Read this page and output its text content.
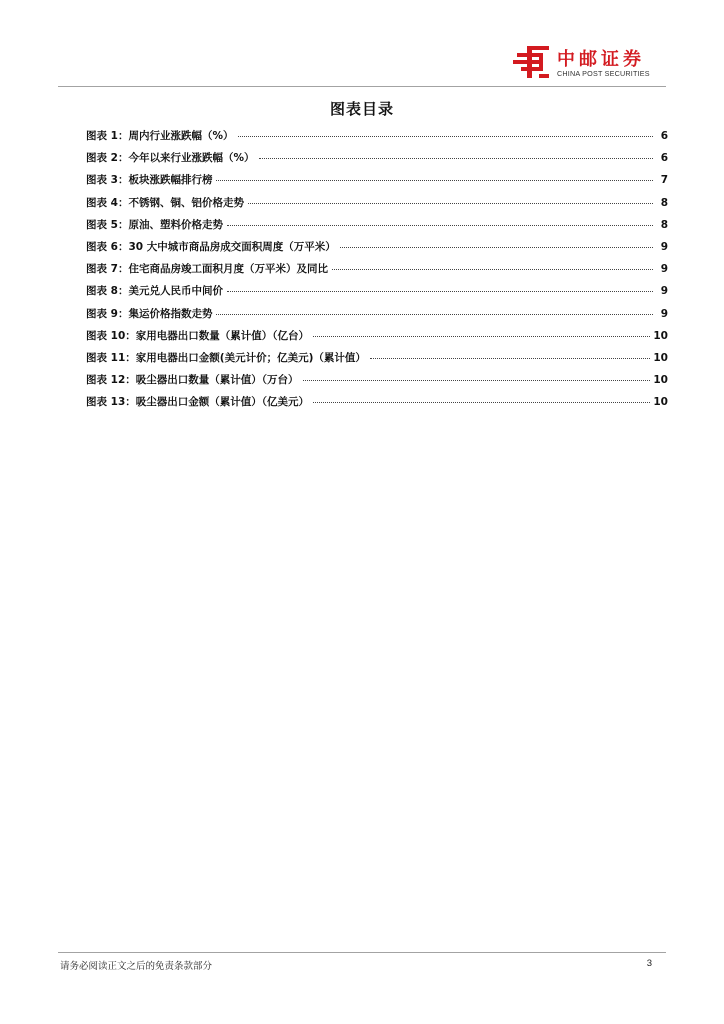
中邮证券
CHINA POST SECURITIES
图表目录
图表 1： 周内行业涨跌幅（%）	6
图表 2： 今年以来行业涨跌幅（%）	6
图表 3： 板块涨跌幅排行榜	7
图表 4： 不锈钢、铜、铝价格走势	8
图表 5： 原油、塑料价格走势	8
图表 6： 30 大中城市商品房成交面积周度（万平米）	9
图表 7： 住宅商品房竣工面积月度（万平米）及同比	9
图表 8： 美元兑人民币中间价	9
图表 9： 集运价格指数走势	9
图表 10： 家用电器出口数量（累计值）（亿台）	10
图表 11： 家用电器出口金额(美元计价；亿美元)（累计值）	10
图表 12： 吸尘器出口数量（累计值）（万台）	10
图表 13： 吸尘器出口金额（累计值）（亿美元）	10
请务必阅读正文之后的免责条款部分	3
